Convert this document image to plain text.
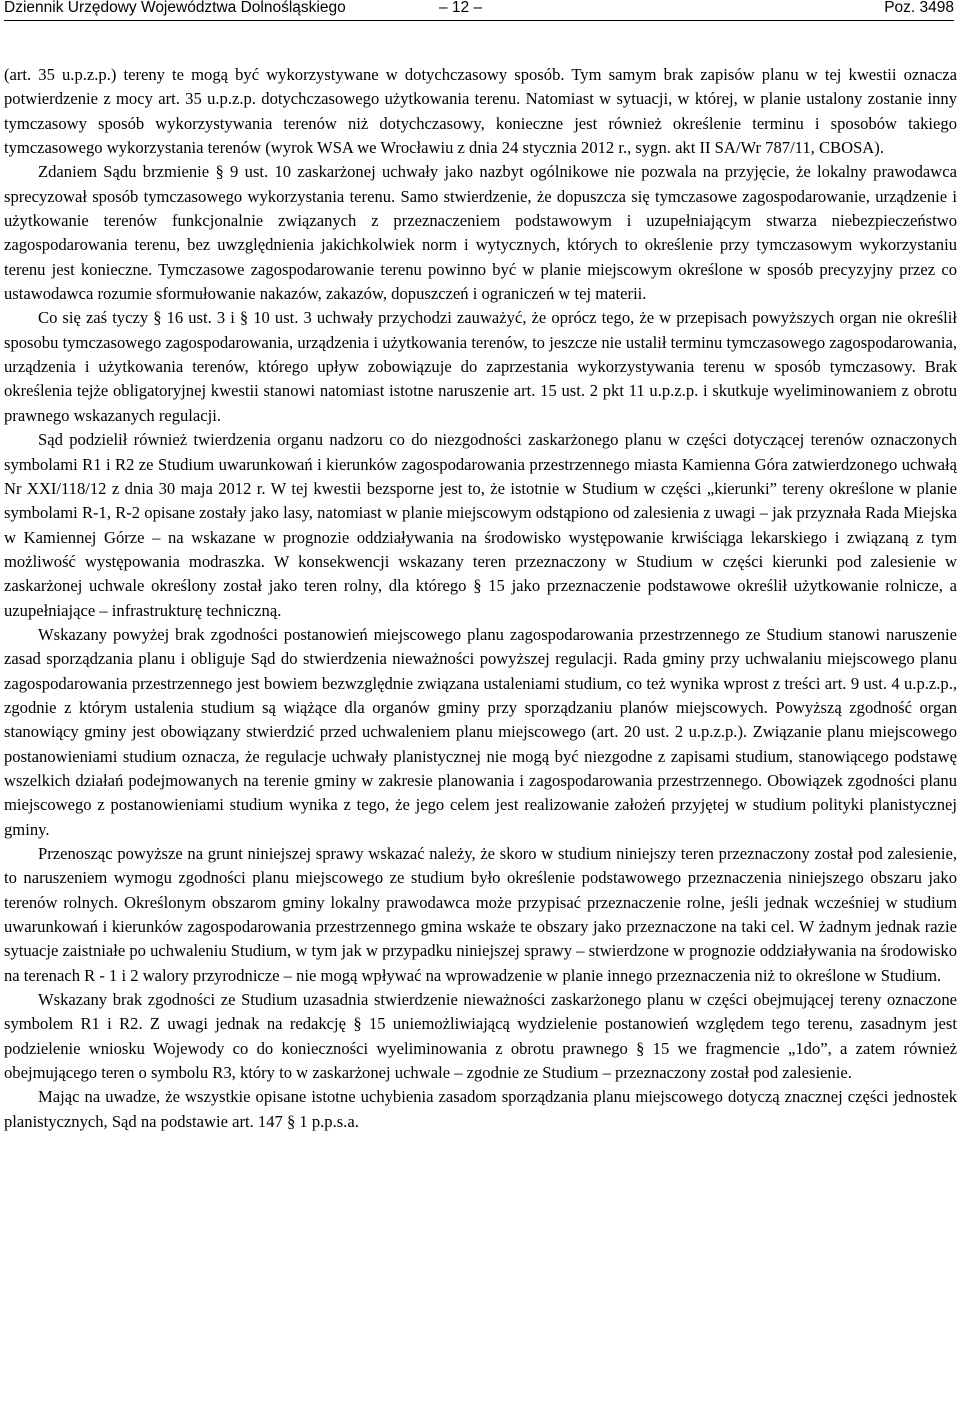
Dziennik Urzędowy Województwa Dolnośląskiego	– 12 –	Poz. 3498

(art. 35 u.p.z.p.) tereny te mogą być wykorzystywane w dotychczasowy sposób. Tym samym brak zapisów planu w tej kwestii oznacza potwierdzenie z mocy art. 35 u.p.z.p. dotychczasowego użytkowania terenu. Natomiast w sytuacji, w której, w planie ustalony zostanie inny tymczasowy sposób wykorzystywania terenów niż dotychczasowy, konieczne jest również określenie terminu i sposobów takiego tymczasowego wykorzystania terenów (wyrok WSA we Wrocławiu z dnia 24 stycznia 2012 r., sygn. akt II SA/Wr 787/11, CBOSA).

Zdaniem Sądu brzmienie § 9 ust. 10 zaskarżonej uchwały jako nazbyt ogólnikowe nie pozwala na przyjęcie, że lokalny prawodawca sprecyzował sposób tymczasowego wykorzystania terenu. Samo stwierdzenie, że dopuszcza się tymczasowe zagospodarowanie, urządzenie i użytkowanie terenów funkcjonalnie związanych z przeznaczeniem podstawowym i uzupełniającym stwarza niebezpieczeństwo zagospodarowania terenu, bez uwzględnienia jakichkolwiek norm i wytycznych, których to określenie przy tymczasowym wykorzystaniu terenu jest konieczne. Tymczasowe zagospodarowanie terenu powinno być w planie miejscowym określone w sposób precyzyjny przez co ustawodawca rozumie sformułowanie nakazów, zakazów, dopuszczeń i ograniczeń w tej materii.

Co się zaś tyczy § 16 ust. 3 i § 10 ust. 3 uchwały przychodzi zauważyć, że oprócz tego, że w przepisach powyższych organ nie określił sposobu tymczasowego zagospodarowania, urządzenia i użytkowania terenów, to jeszcze nie ustalił terminu tymczasowego zagospodarowania, urządzenia i użytkowania terenów, którego upływ zobowiązuje do zaprzestania wykorzystywania terenu w sposób tymczasowy. Brak określenia tejże obligatoryjnej kwestii stanowi natomiast istotne naruszenie art. 15 ust. 2 pkt 11 u.p.z.p. i skutkuje wyeliminowaniem z obrotu prawnego wskazanych regulacji.

Sąd podzielił również twierdzenia organu nadzoru co do niezgodności zaskarżonego planu w części dotyczącej terenów oznaczonych symbolami R1 i R2 ze Studium uwarunkowań i kierunków zagospodarowania przestrzennego miasta Kamienna Góra zatwierdzonego uchwałą Nr XXI/118/12 z dnia 30 maja 2012 r. W tej kwestii bezsporne jest to, że istotnie w Studium w części „kierunki” tereny określone w planie symbolami R-1, R-2 opisane zostały jako lasy, natomiast w planie miejscowym odstąpiono od zalesienia z uwagi – jak przyznała Rada Miejska w Kamiennej Górze – na wskazane w prognozie oddziaływania na środowisko występowanie krwiściąga lekarskiego i związaną z tym możliwość występowania modraszka. W konsekwencji wskazany teren przeznaczony w Studium w części kierunki pod zalesienie w zaskarżonej uchwale określony został jako teren rolny, dla którego § 15 jako przeznaczenie podstawowe określił użytkowanie rolnicze, a uzupełniające – infrastrukturę techniczną.

Wskazany powyżej brak zgodności postanowień miejscowego planu zagospodarowania przestrzennego ze Studium stanowi naruszenie zasad sporządzania planu i obliguje Sąd do stwierdzenia nieważności powyższej regulacji. Rada gminy przy uchwalaniu miejscowego planu zagospodarowania przestrzennego jest bowiem bezwzględnie związana ustaleniami studium, co też wynika wprost z treści art. 9 ust. 4 u.p.z.p., zgodnie z którym ustalenia studium są wiążące dla organów gminy przy sporządzaniu planów miejscowych. Powyższą zgodność organ stanowiący gminy jest obowiązany stwierdzić przed uchwaleniem planu miejscowego (art. 20 ust. 2 u.p.z.p.). Związanie planu miejscowego postanowieniami studium oznacza, że regulacje uchwały planistycznej nie mogą być niezgodne z zapisami studium, stanowiącego podstawę wszelkich działań podejmowanych na terenie gminy w zakresie planowania i zagospodarowania przestrzennego. Obowiązek zgodności planu miejscowego z postanowieniami studium wynika z tego, że jego celem jest realizowanie założeń przyjętej w studium polityki planistycznej gminy.

Przenosząc powyższe na grunt niniejszej sprawy wskazać należy, że skoro w studium niniejszy teren przeznaczony został pod zalesienie, to naruszeniem wymogu zgodności planu miejscowego ze studium było określenie podstawowego przeznaczenia niniejszego obszaru jako terenów rolnych. Określonym obszarom gminy lokalny prawodawca może przypisać przeznaczenie rolne, jeśli jednak wcześniej w studium uwarunkowań i kierunków zagospodarowania przestrzennego gmina wskaże te obszary jako przeznaczone na taki cel. W żadnym jednak razie sytuacje zaistniałe po uchwaleniu Studium, w tym jak w przypadku niniejszej sprawy – stwierdzone w prognozie oddziaływania na środowisko na terenach R - 1 i 2 walory przyrodnicze – nie mogą wpływać na wprowadzenie w planie innego przeznaczenia niż to określone w Studium.

Wskazany brak zgodności ze Studium uzasadnia stwierdzenie nieważności zaskarżonego planu w części obejmującej tereny oznaczone symbolem R1 i R2. Z uwagi jednak na redakcję § 15 uniemożliwiającą wydzielenie postanowień względem tego terenu, zasadnym jest podzielenie wniosku Wojewody co do konieczności wyeliminowania z obrotu prawnego § 15 we fragmencie „1do”, a zatem również obejmującego teren o symbolu R3, który to w zaskarżonej uchwale – zgodnie ze Studium – przeznaczony został pod zalesienie.

Mając na uwadze, że wszystkie opisane istotne uchybienia zasadom sporządzania planu miejscowego dotyczą znacznej części jednostek planistycznych, Sąd na podstawie art. 147 § 1 p.p.s.a.
